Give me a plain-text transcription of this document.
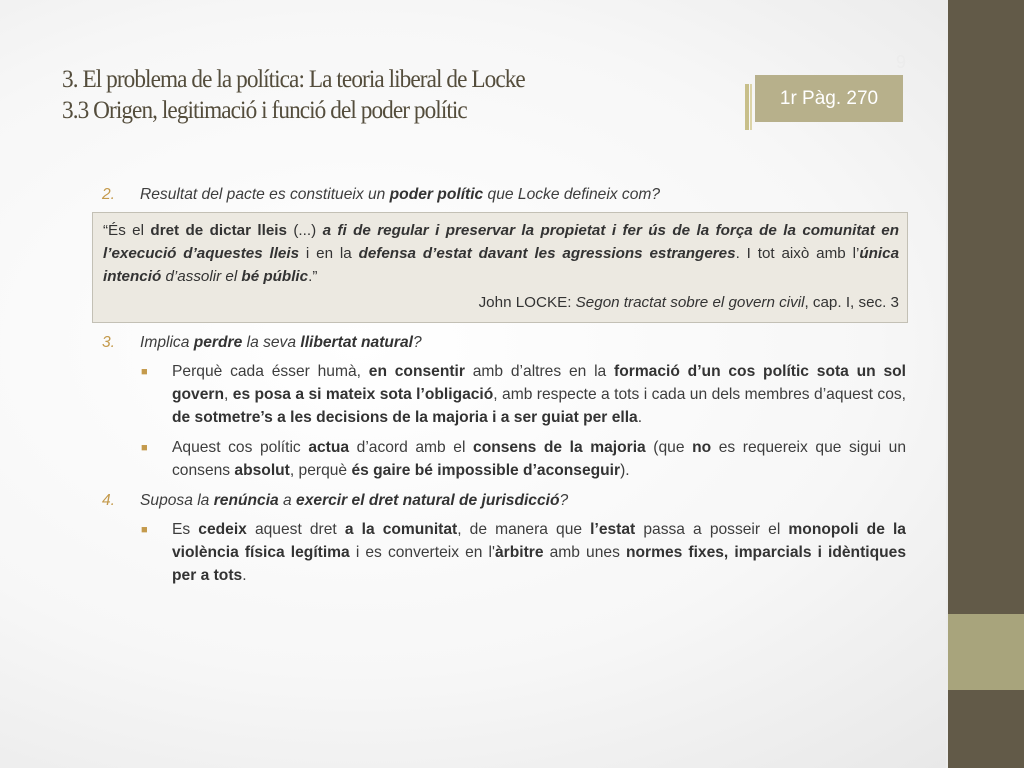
3. El problema de la política: La teoria liberal de Locke
3.3 Origen, legitimació i funció del poder polític
9
1r Pàg. 270
2.	Resultat del pacte es constitueix un poder polític que Locke defineix com?
“És el dret de dictar lleis (...) a fi de regular i preservar la propietat i fer ús de la força de la comunitat en l’execució d’aquestes lleis i en la defensa d’estat davant les agressions estrangeres. I tot això amb l’única intenció d’assolir el bé públic.”
John LOCKE: Segon tractat sobre el govern civil, cap. I, sec. 3
3.	Implica perdre la seva llibertat natural?
■ Perquè cada ésser humà, en consentir amb d’altres en la formació d’un cos polític sota un sol govern, es posa a si mateix sota l’obligació, amb respecte a tots i cada un dels membres d’aquest cos, de sotmetre’s a les decisions de la majoria i a ser guiat per ella.
■ Aquest cos polític actua d’acord amb el consens de la majoria (que no es requereix que sigui un consens absolut, perquè és gaire bé impossible d’aconseguir).
4.	Suposa la renúncia a exercir el dret natural de jurisdicció?
■ Es cedeix aquest dret a la comunitat, de manera que l’estat passa a posseir el monopoli de la violència física legítima i es converteix en l'àrbitre amb unes normes fixes, imparcials i idèntiques per a tots.
